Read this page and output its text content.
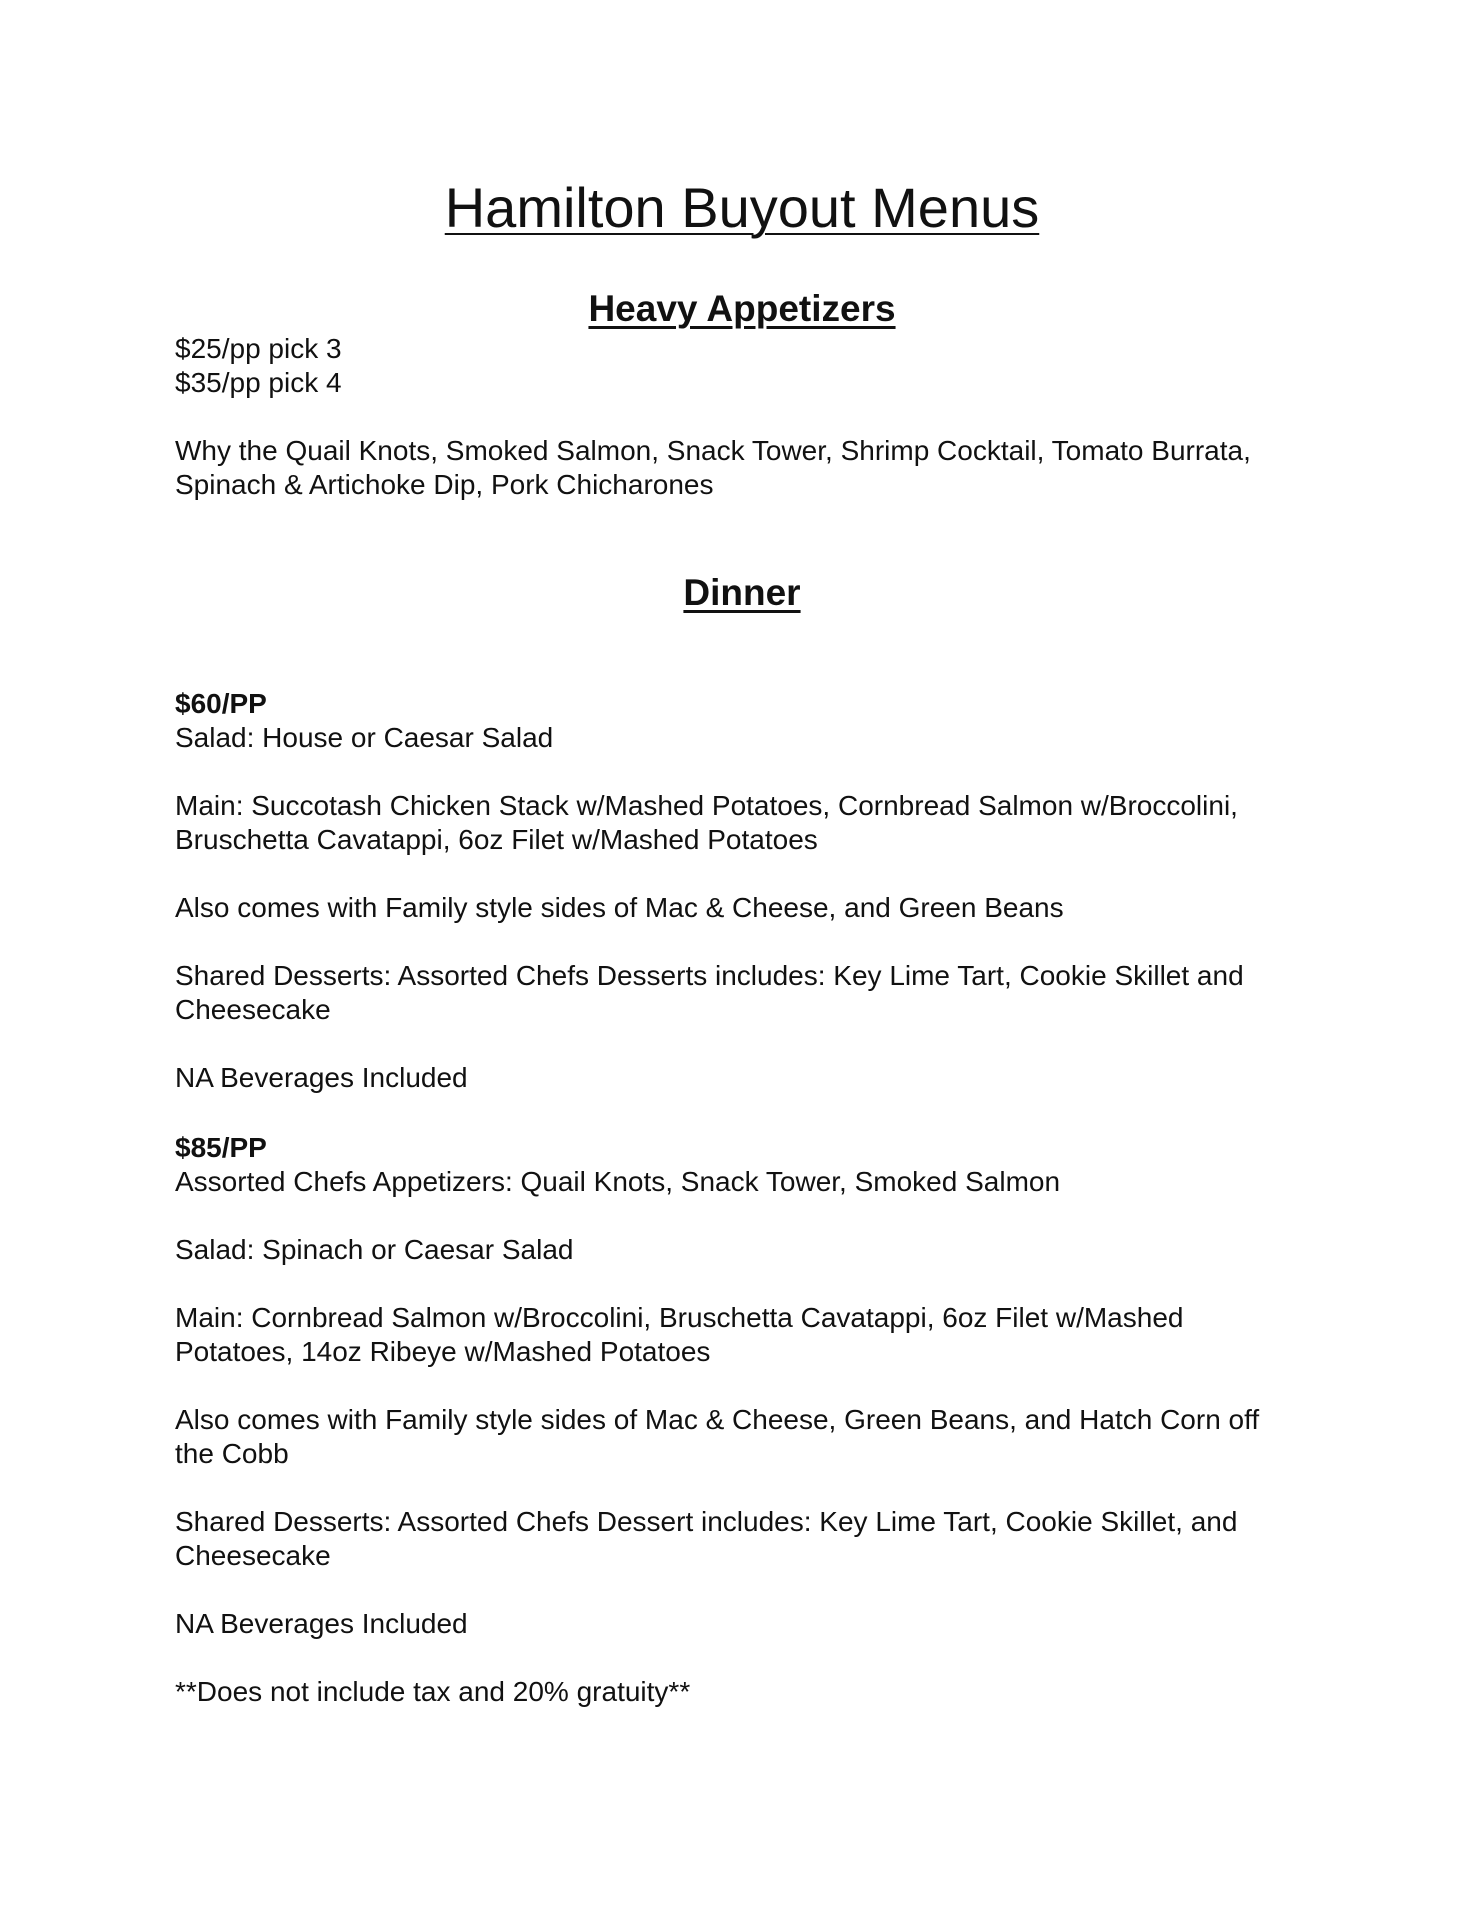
Hamilton Buyout Menus
Heavy Appetizers
$25/pp pick 3
$35/pp pick 4
Why the Quail Knots, Smoked Salmon, Snack Tower, Shrimp Cocktail, Tomato Burrata,
Spinach & Artichoke Dip, Pork Chicharones
Dinner
$60/PP
Salad: House or Caesar Salad
Main: Succotash Chicken Stack w/Mashed Potatoes, Cornbread Salmon w/Broccolini,
Bruschetta Cavatappi, 6oz Filet w/Mashed Potatoes
Also comes with Family style sides of Mac & Cheese, and Green Beans
Shared Desserts: Assorted Chefs Desserts includes: Key Lime Tart, Cookie Skillet and
Cheesecake
NA Beverages Included
$85/PP
Assorted Chefs Appetizers: Quail Knots, Snack Tower, Smoked Salmon
Salad: Spinach or Caesar Salad
Main: Cornbread Salmon w/Broccolini, Bruschetta Cavatappi, 6oz Filet w/Mashed
Potatoes, 14oz Ribeye w/Mashed Potatoes
Also comes with Family style sides of Mac & Cheese, Green Beans, and Hatch Corn off
the Cobb
Shared Desserts: Assorted Chefs Dessert includes: Key Lime Tart, Cookie Skillet, and
Cheesecake
NA Beverages Included
**Does not include tax and 20% gratuity**
